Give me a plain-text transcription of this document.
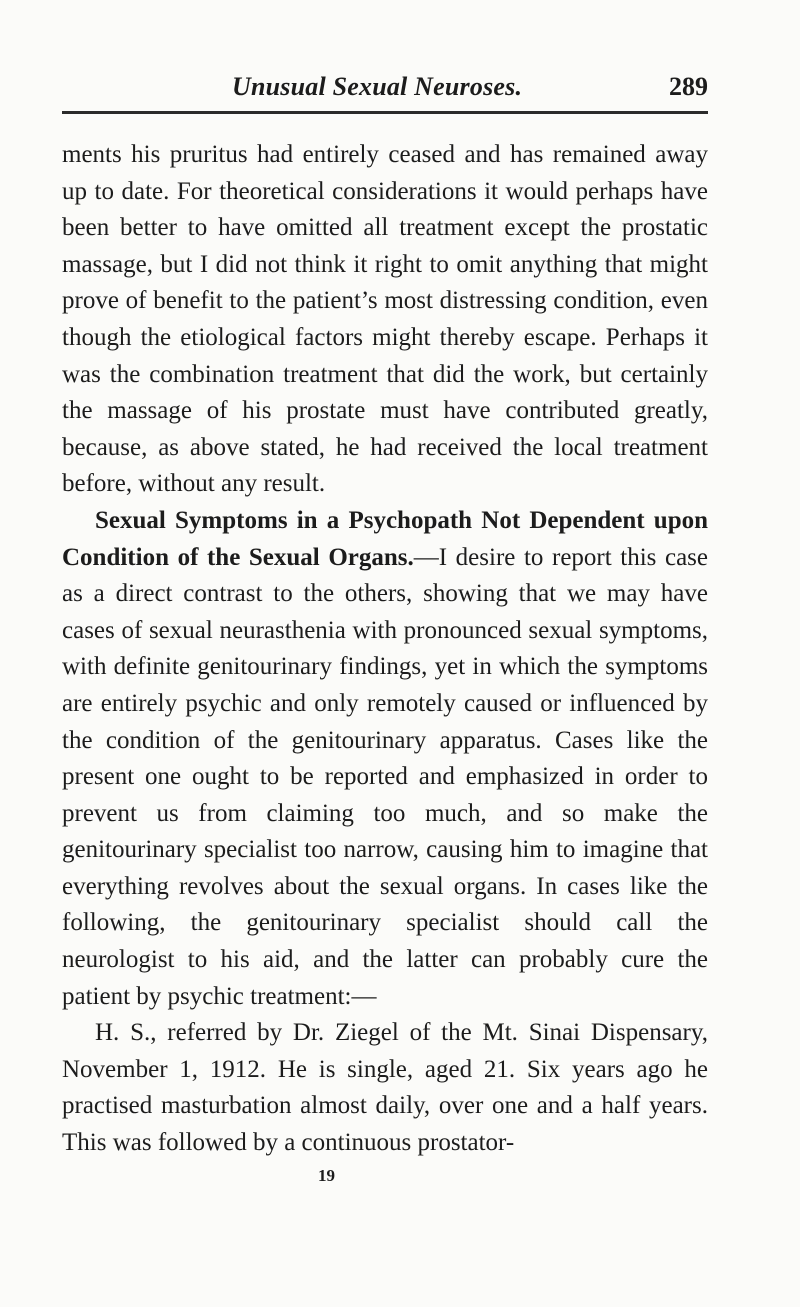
Unusual Sexual Neuroses.	289

ments his pruritus had entirely ceased and has remained away up to date. For theoretical considerations it would perhaps have been better to have omitted all treatment except the prostatic massage, but I did not think it right to omit anything that might prove of benefit to the patient’s most distressing condition, even though the etiological factors might thereby escape. Perhaps it was the combination treatment that did the work, but certainly the massage of his prostate must have contributed greatly, because, as above stated, he had received the local treatment before, without any result.

Sexual Symptoms in a Psychopath Not Dependent upon Condition of the Sexual Organs.—I desire to report this case as a direct contrast to the others, showing that we may have cases of sexual neurasthenia with pronounced sexual symptoms, with definite genitourinary findings, yet in which the symptoms are entirely psychic and only remotely caused or influenced by the condition of the genitourinary apparatus. Cases like the present one ought to be reported and emphasized in order to prevent us from claiming too much, and so make the genitourinary specialist too narrow, causing him to imagine that everything revolves about the sexual organs. In cases like the following, the genitourinary specialist should call the neurologist to his aid, and the latter can probably cure the patient by psychic treatment:—

H. S., referred by Dr. Ziegel of the Mt. Sinai Dispensary, November 1, 1912. He is single, aged 21. Six years ago he practised masturbation almost daily, over one and a half years. This was followed by a continuous prostator-

19
